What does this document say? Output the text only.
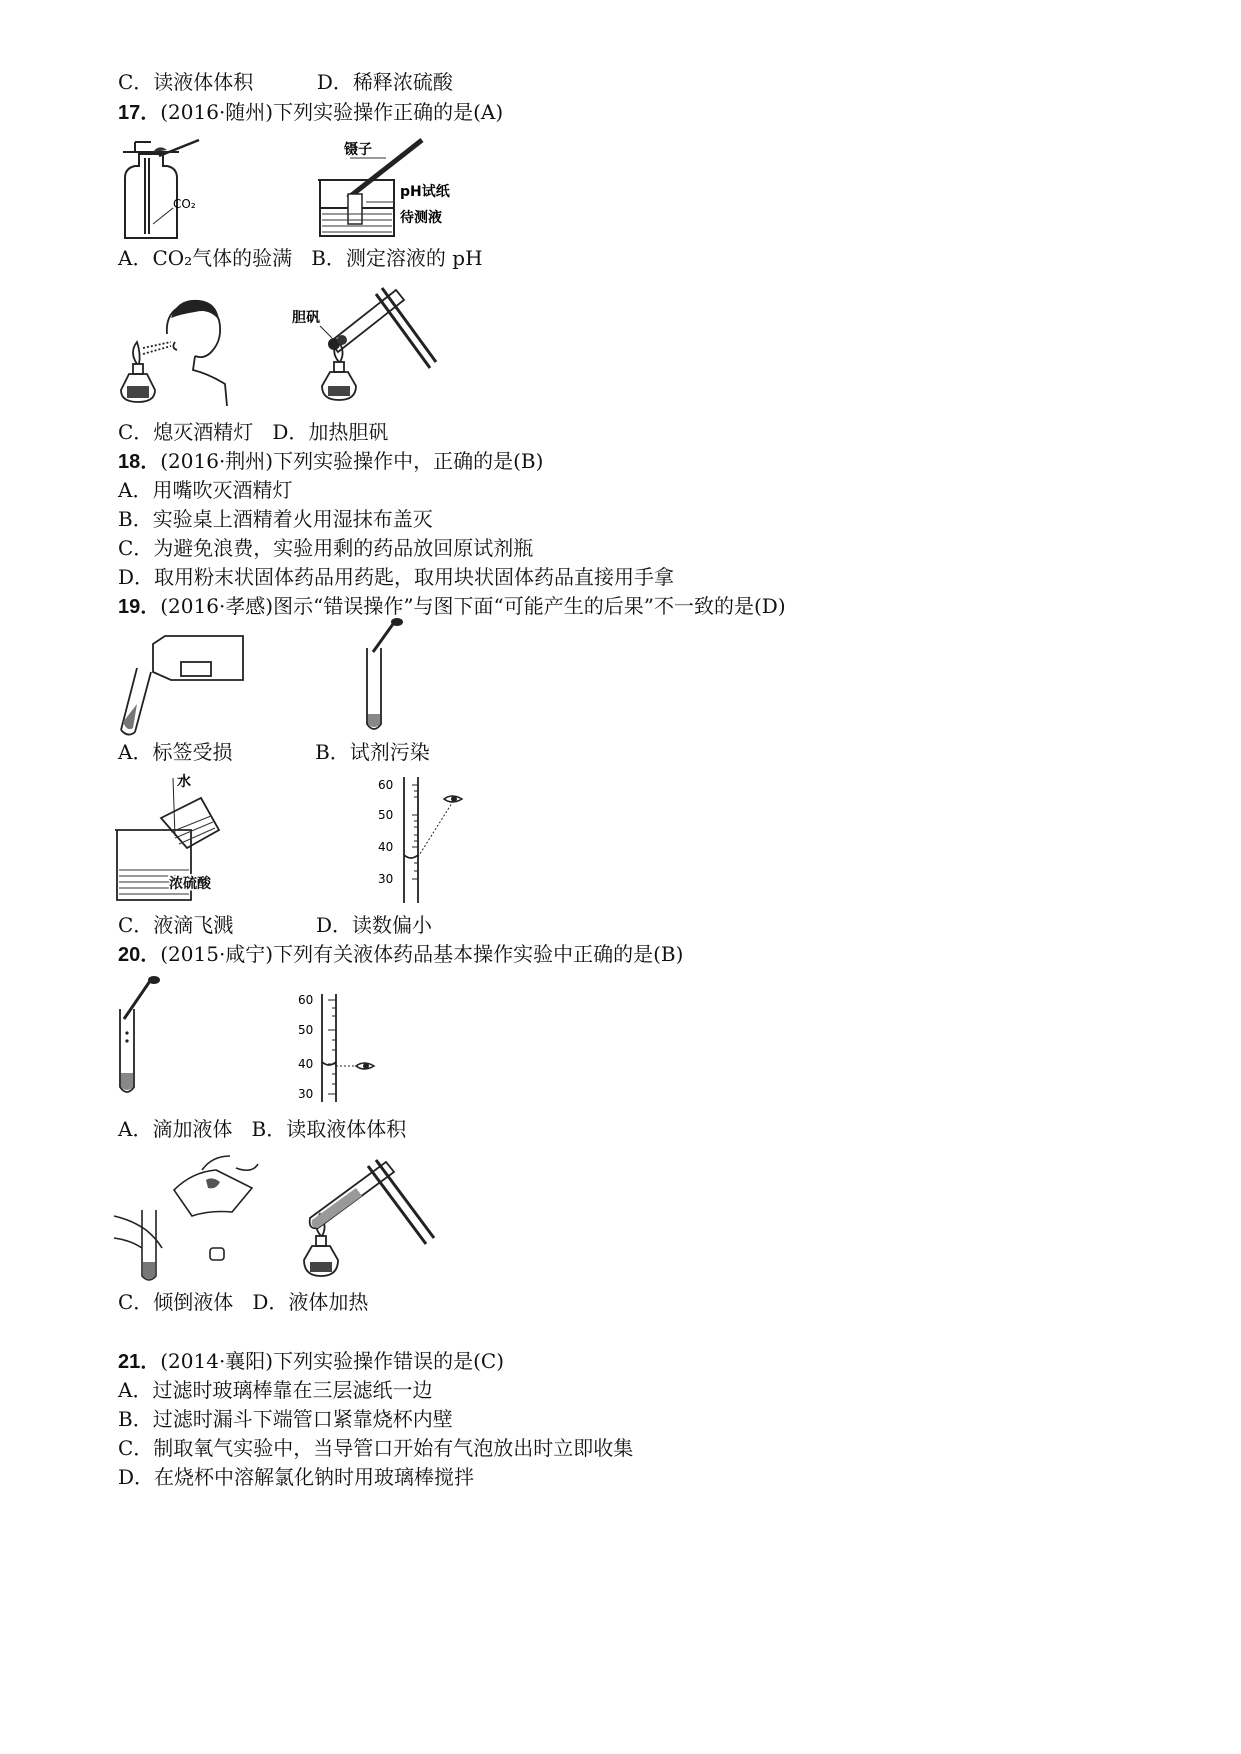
C．读液体体积          D．稀释浓硫酸
17．(2016·随州)下列实验操作正确的是(A)
A．CO₂气体的验满   B．测定溶液的 pH
C．熄灭酒精灯   D．加热胆矾
18．(2016·荆州)下列实验操作中，正确的是(B)
A．用嘴吹灭酒精灯
B．实验桌上酒精着火用湿抹布盖灭
C．为避免浪费，实验用剩的药品放回原试剂瓶
D．取用粉末状固体药品用药匙，取用块状固体药品直接用手拿
19．(2016·孝感)图示“错误操作”与图下面“可能产生的后果”不一致的是(D)
A．标签受损             B．试剂污染
C．液滴飞溅             D．读数偏小
20．(2015·咸宁)下列有关液体药品基本操作实验中正确的是(B)
A．滴加液体   B．读取液体体积
C．倾倒液体   D．液体加热
21．(2014·襄阳)下列实验操作错误的是(C)
A．过滤时玻璃棒靠在三层滤纸一边
B．过滤时漏斗下端管口紧靠烧杯内壁
C．制取氧气实验中，当导管口开始有气泡放出时立即收集
D．在烧杯中溶解氯化钠时用玻璃棒搅拌
CO₂
镊子
pH试纸
待测液
胆矾
水
浓硫酸
60
50
40
30
60
50
40
30
